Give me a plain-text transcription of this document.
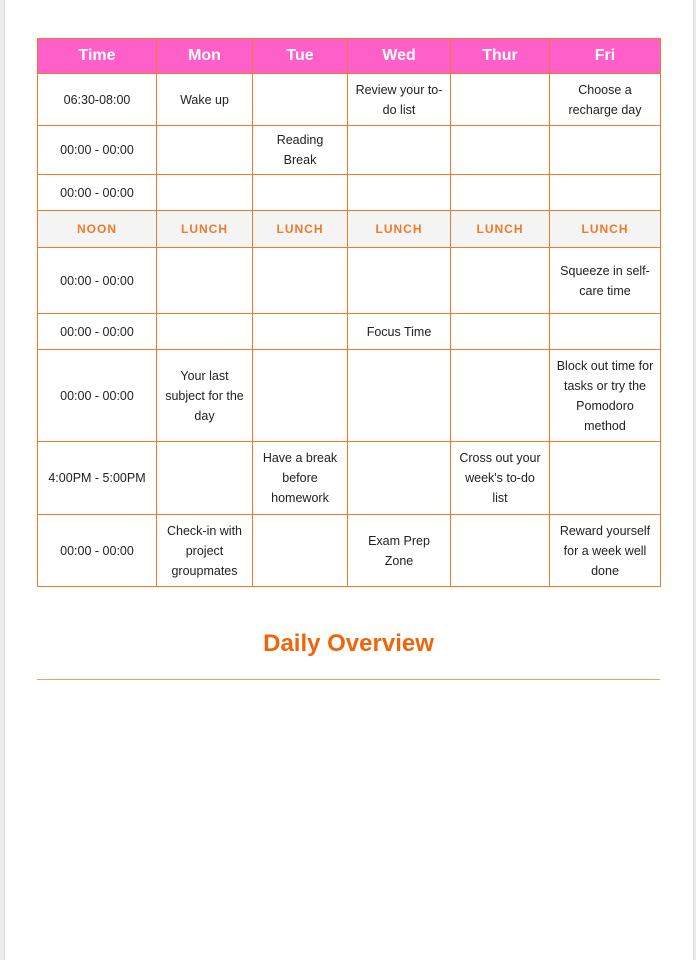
Time	Mon	Tue	Wed	Thur	Fri
06:30-08:00	Wake up		Review your to-do list		Choose a recharge day
00:00 - 00:00		Reading Break			
00:00 - 00:00					
NOON	LUNCH	LUNCH	LUNCH	LUNCH	LUNCH
00:00 - 00:00					Squeeze in self-care time
00:00 - 00:00			Focus Time		
00:00 - 00:00	Your last subject for the day				Block out time for tasks or try the Pomodoro method
4:00PM - 5:00PM		Have a break before homework		Cross out your week's to-do list	
00:00 - 00:00	Check-in with project groupmates		Exam Prep Zone		Reward yourself for a week well done
Daily Overview
